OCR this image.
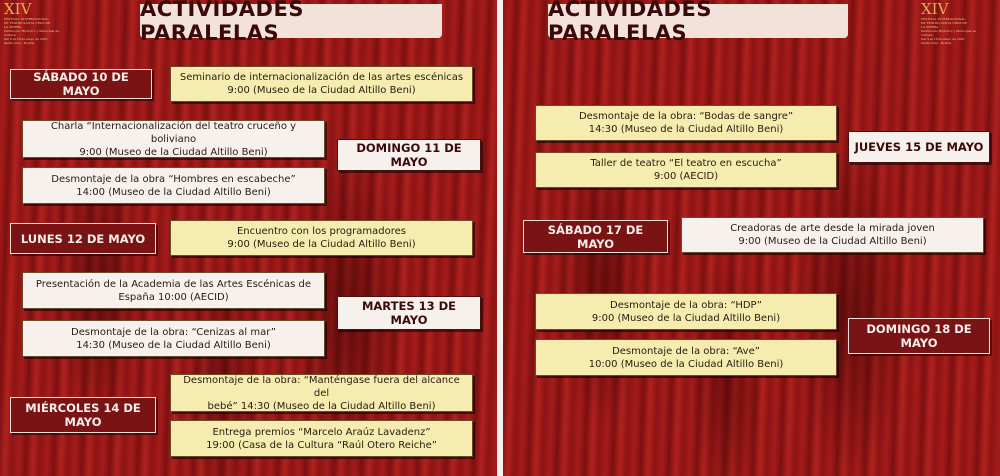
XIV
FESTIVAL INTERNACIONAL
DE TEATRO SANTA CRUZ DE
LA SIERRA
Patrimonio Histórico y Municipal de Cultura
Del 9 al 18 de mayo de 2025
Santa Cruz - Bolivia
ACTIVIDADES PARALELAS
SÁBADO 10 DE MAYO
Seminario de internacionalización de las artes escénicas
9:00 (Museo de la Ciudad Altillo Beni)
Charla “Internacionalización del teatro cruceño y boliviano
9:00 (Museo de la Ciudad Altillo Beni)	DOMINGO 11 DE MAYO
Desmontaje de la obra “Hombres en escabeche”
14:00 (Museo de la Ciudad Altillo Beni)
LUNES 12 DE MAYO	Encuentro con los programadores
9:00 (Museo de la Ciudad Altillo Beni)
Presentación de la Academia de las Artes Escénicas de
España 10:00 (AECID)
MARTES 13 DE MAYO
Desmontaje de la obra: “Cenizas al mar”
14:30 (Museo de la Ciudad Altillo Beni)
Desmontaje de la obra: “Manténgase fuera del alcance del
bebé” 14:30 (Museo de la Ciudad Altillo Beni)
MIÉRCOLES 14 DE MAYO
Entrega premios “Marcelo Araúz Lavadenz”
19:00 (Casa de la Cultura “Raúl Otero Reiche”
ACTIVIDADES PARALELAS
XIV
FESTIVAL INTERNACIONAL
DE TEATRO SANTA CRUZ DE
LA SIERRA
Patrimonio Histórico y Municipal de Cultura
Del 9 al 18 de mayo de 2025
Santa Cruz - Bolivia
Desmontaje de la obra: “Bodas de sangre”
14:30 (Museo de la Ciudad Altillo Beni)
JUEVES 15 DE MAYO
Taller de teatro “El teatro en escucha”
9:00 (AECID)
SÁBADO 17 DE MAYO
Creadoras de arte desde la mirada joven
9:00 (Museo de la Ciudad Altillo Beni)
Desmontaje de la obra: “HDP”
9:00 (Museo de la Ciudad Altillo Beni)
DOMINGO 18 DE MAYO
Desmontaje de la obra: “Ave”
10:00 (Museo de la Ciudad Altillo Beni)
